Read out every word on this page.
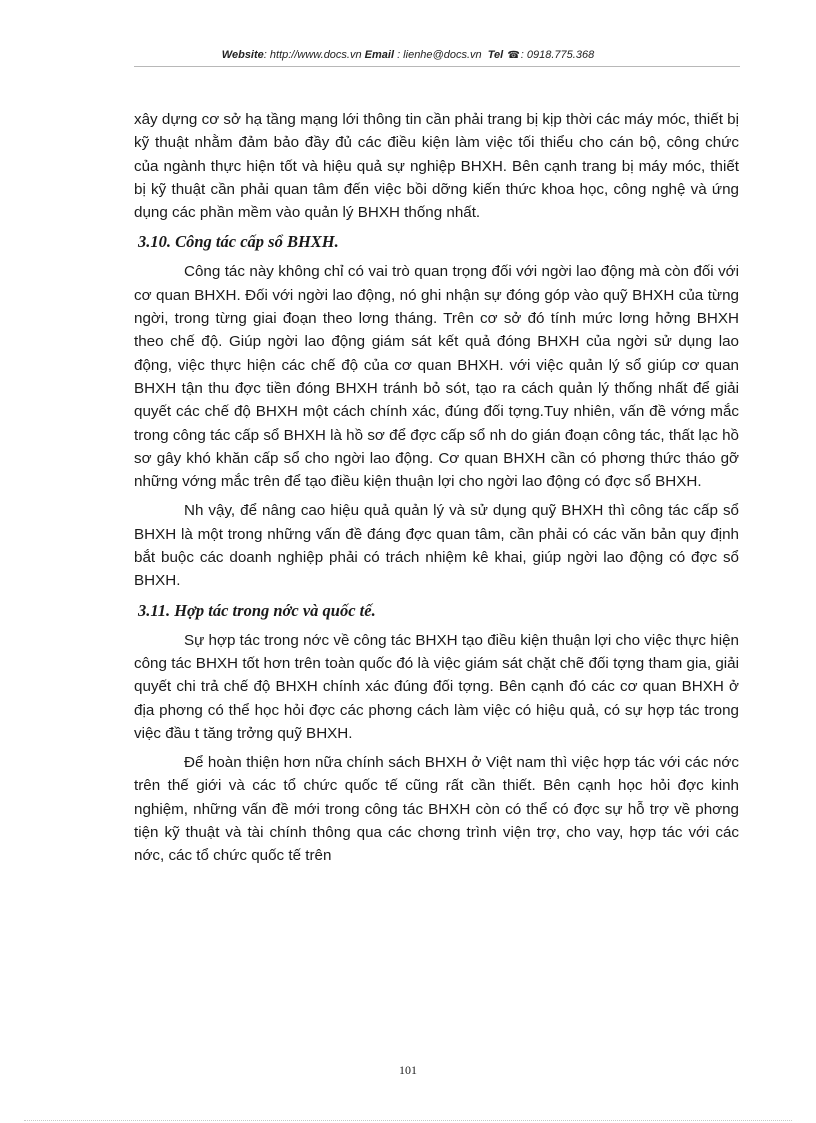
Website: http://www.docs.vn Email : lienhe@docs.vn  Tel ☎: 0918.775.368

xây dựng cơ sở hạ tầng mạng lới thông tin cần phải trang bị kịp thời các máy móc, thiết bị kỹ thuật nhằm đảm bảo đầy đủ các điều kiện làm việc tối thiểu cho cán bộ, công chức của ngành thực hiện tốt và hiệu quả sự nghiệp BHXH. Bên cạnh trang bị máy móc, thiết bị kỹ thuật cần phải quan tâm đến việc bồi dỡng kiến thức khoa học, công nghệ và ứng dụng các phần mềm vào quản lý BHXH thống nhất.

3.10. Công tác cấp sổ BHXH.

Công tác này không chỉ có vai trò quan trọng đối với ngời lao động mà còn đối với cơ quan BHXH. Đối với ngời lao động, nó ghi nhận sự đóng góp vào quỹ BHXH của từng ngời, trong từng giai đoạn theo lơng tháng. Trên cơ sở đó tính mức lơng hởng BHXH theo chế độ. Giúp ngời lao động giám sát kết quả đóng BHXH của ngời sử dụng lao động, việc thực hiện các chế độ của cơ quan BHXH. với việc quản lý sổ giúp cơ quan BHXH tận thu đợc tiền đóng BHXH tránh bỏ sót, tạo ra cách quản lý thống nhất để giải quyết các chế độ BHXH một cách chính xác, đúng đối tợng.Tuy nhiên, vấn đề vớng mắc trong công tác cấp sổ BHXH là hồ sơ để đợc cấp sổ nh do gián đoạn công tác, thất lạc hồ sơ gây khó khăn cấp sổ cho ngời lao động. Cơ quan BHXH cần có phơng thức tháo gỡ những vớng mắc trên để tạo điều kiện thuận lợi cho ngời lao động có đợc sổ BHXH.

Nh vậy, để nâng cao hiệu quả quản lý và sử dụng quỹ BHXH thì công tác cấp sổ BHXH là một trong những vấn đề đáng đợc quan tâm, cần phải có các văn bản quy định bắt buộc các doanh nghiệp phải có trách nhiệm kê khai, giúp ngời lao động có đợc sổ BHXH.

3.11. Hợp tác trong nớc và quốc tế.

Sự hợp tác trong nớc về công tác BHXH tạo điều kiện thuận lợi cho việc thực hiện công tác BHXH tốt hơn trên toàn quốc đó là việc giám sát chặt chẽ đối tợng tham gia, giải quyết chi trả chế độ BHXH chính xác đúng đối tợng. Bên cạnh đó các cơ quan BHXH ở địa phơng có thể học hỏi đợc các phơng cách làm việc có hiệu quả, có sự hợp tác trong việc đầu t tăng trởng quỹ BHXH.

Để hoàn thiện hơn nữa chính sách BHXH ở Việt nam thì việc hợp tác với các nớc trên thế giới và các tổ chức quốc tế cũng rất cần thiết. Bên cạnh học hỏi đợc kinh nghiệm, những vấn đề mới trong công tác BHXH còn có thể có đợc sự hỗ trợ về phơng tiện kỹ thuật và tài chính thông qua các chơng trình viện trợ, cho vay, hợp tác với các nớc, các tổ chức quốc tế trên

101
